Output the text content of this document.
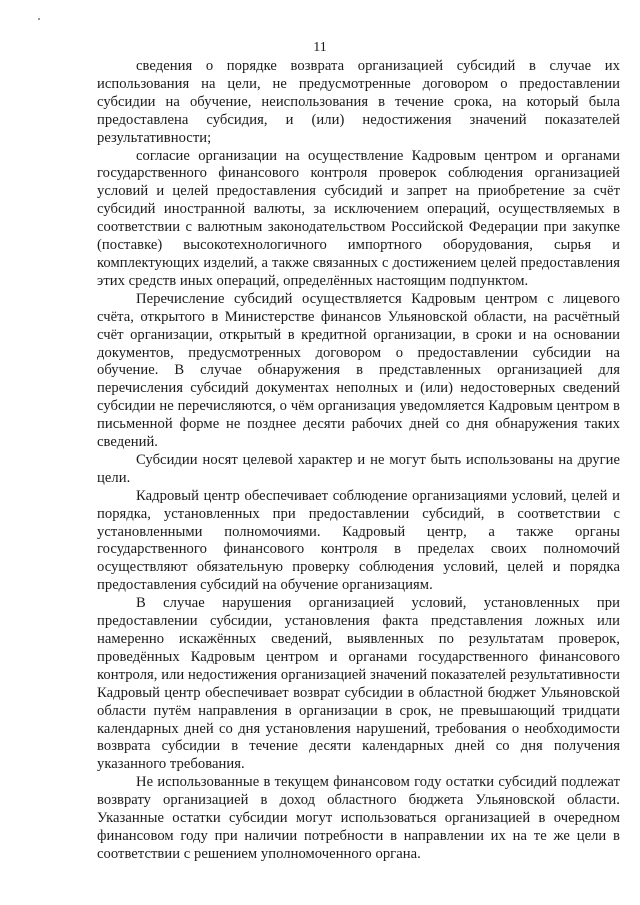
11

сведения о порядке возврата организацией субсидий в случае их использования на цели, не предусмотренные договором о предоставлении субсидии на обучение, неиспользования в течение срока, на который была предоставлена субсидия, и (или) недостижения значений показателей результативности;

согласие организации на осуществление Кадровым центром и органами государственного финансового контроля проверок соблюдения организацией условий и целей предоставления субсидий и запрет на приобретение за счёт субсидий иностранной валюты, за исключением операций, осуществляемых в соответствии с валютным законодательством Российской Федерации при закупке (поставке) высокотехнологичного импортного оборудования, сырья и комплектующих изделий, а также связанных с достижением целей предоставления этих средств иных операций, определённых настоящим подпунктом.

Перечисление субсидий осуществляется Кадровым центром с лицевого счёта, открытого в Министерстве финансов Ульяновской области, на расчётный счёт организации, открытый в кредитной организации, в сроки и на основании документов, предусмотренных договором о предоставлении субсидии на обучение. В случае обнаружения в представленных организацией для перечисления субсидий документах неполных и (или) недостоверных сведений субсидии не перечисляются, о чём организация уведомляется Кадровым центром в письменной форме не позднее десяти рабочих дней со дня обнаружения таких сведений.

Субсидии носят целевой характер и не могут быть использованы на другие цели.

Кадровый центр обеспечивает соблюдение организациями условий, целей и порядка, установленных при предоставлении субсидий, в соответствии с установленными полномочиями. Кадровый центр, а также органы государственного финансового контроля в пределах своих полномочий осуществляют обязательную проверку соблюдения условий, целей и порядка предоставления субсидий на обучение организациям.

В случае нарушения организацией условий, установленных при предоставлении субсидии, установления факта представления ложных или намеренно искажённых сведений, выявленных по результатам проверок, проведённых Кадровым центром и органами государственного финансового контроля, или недостижения организацией значений показателей результативности Кадровый центр обеспечивает возврат субсидии в областной бюджет Ульяновской области путём направления в организации в срок, не превышающий тридцати календарных дней со дня установления нарушений, требования о необходимости возврата субсидии в течение десяти календарных дней со дня получения указанного требования.

Не использованные в текущем финансовом году остатки субсидий подлежат возврату организацией в доход областного бюджета Ульяновской области. Указанные остатки субсидии могут использоваться организацией в очередном финансовом году при наличии потребности в направлении их на те же цели в соответствии с решением уполномоченного органа.
